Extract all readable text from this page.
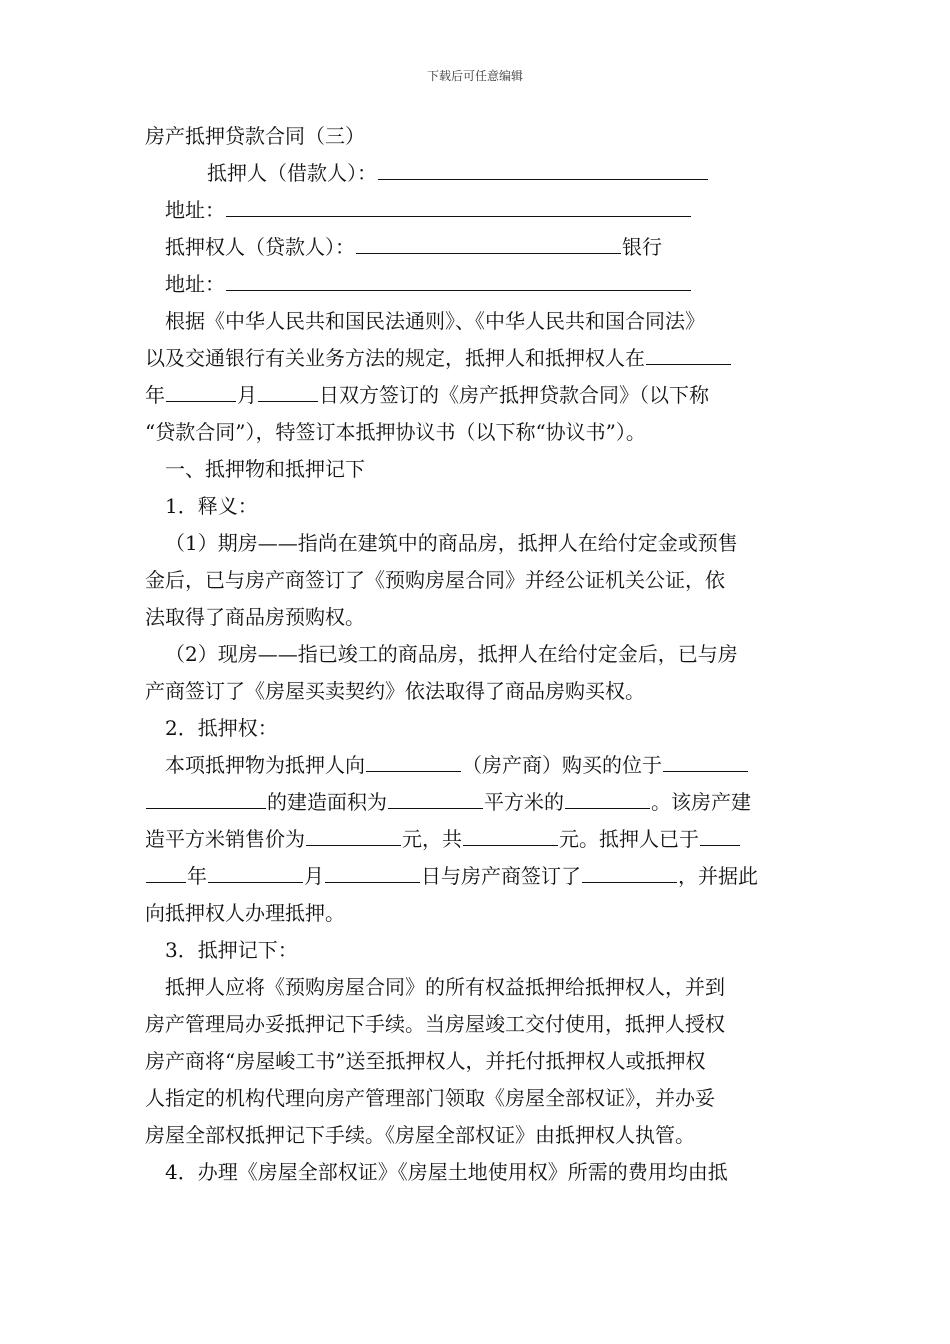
下载后可任意编辑
房产抵押贷款合同（三）
抵押人（借款人）：
地址：
抵押权人（贷款人）：	银行
地址：
根据《中华人民共和国民法通则》、《中华人民共和国合同法》
以及交通银行有关业务方法的规定，抵押人和抵押权人在
年	月	日双方签订的《房产抵押贷款合同》（以下称
“贷款合同”），特签订本抵押协议书（以下称“协议书”）。
一、抵押物和抵押记下
1．释义：
（1）期房——指尚在建筑中的商品房，抵押人在给付定金或预售
金后，已与房产商签订了《预购房屋合同》并经公证机关公证，依
法取得了商品房预购权。
（2）现房——指已竣工的商品房，抵押人在给付定金后，已与房
产商签订了《房屋买卖契约》依法取得了商品房购买权。
2．抵押权：
本项抵押物为抵押人向	（房产商）购买的位于
的建造面积为	平方米的	。该房产建
造平方米销售价为	元，共	元。抵押人已于
年	月	日与房产商签订了	，并据此
向抵押权人办理抵押。
3．抵押记下：
抵押人应将《预购房屋合同》的所有权益抵押给抵押权人，并到
房产管理局办妥抵押记下手续。当房屋竣工交付使用，抵押人授权
房产商将“房屋峻工书”送至抵押权人，并托付抵押权人或抵押权
人指定的机构代理向房产管理部门领取《房屋全部权证》，并办妥
房屋全部权抵押记下手续。《房屋全部权证》由抵押权人执管。
4．办理《房屋全部权证》《房屋土地使用权》所需的费用均由抵
